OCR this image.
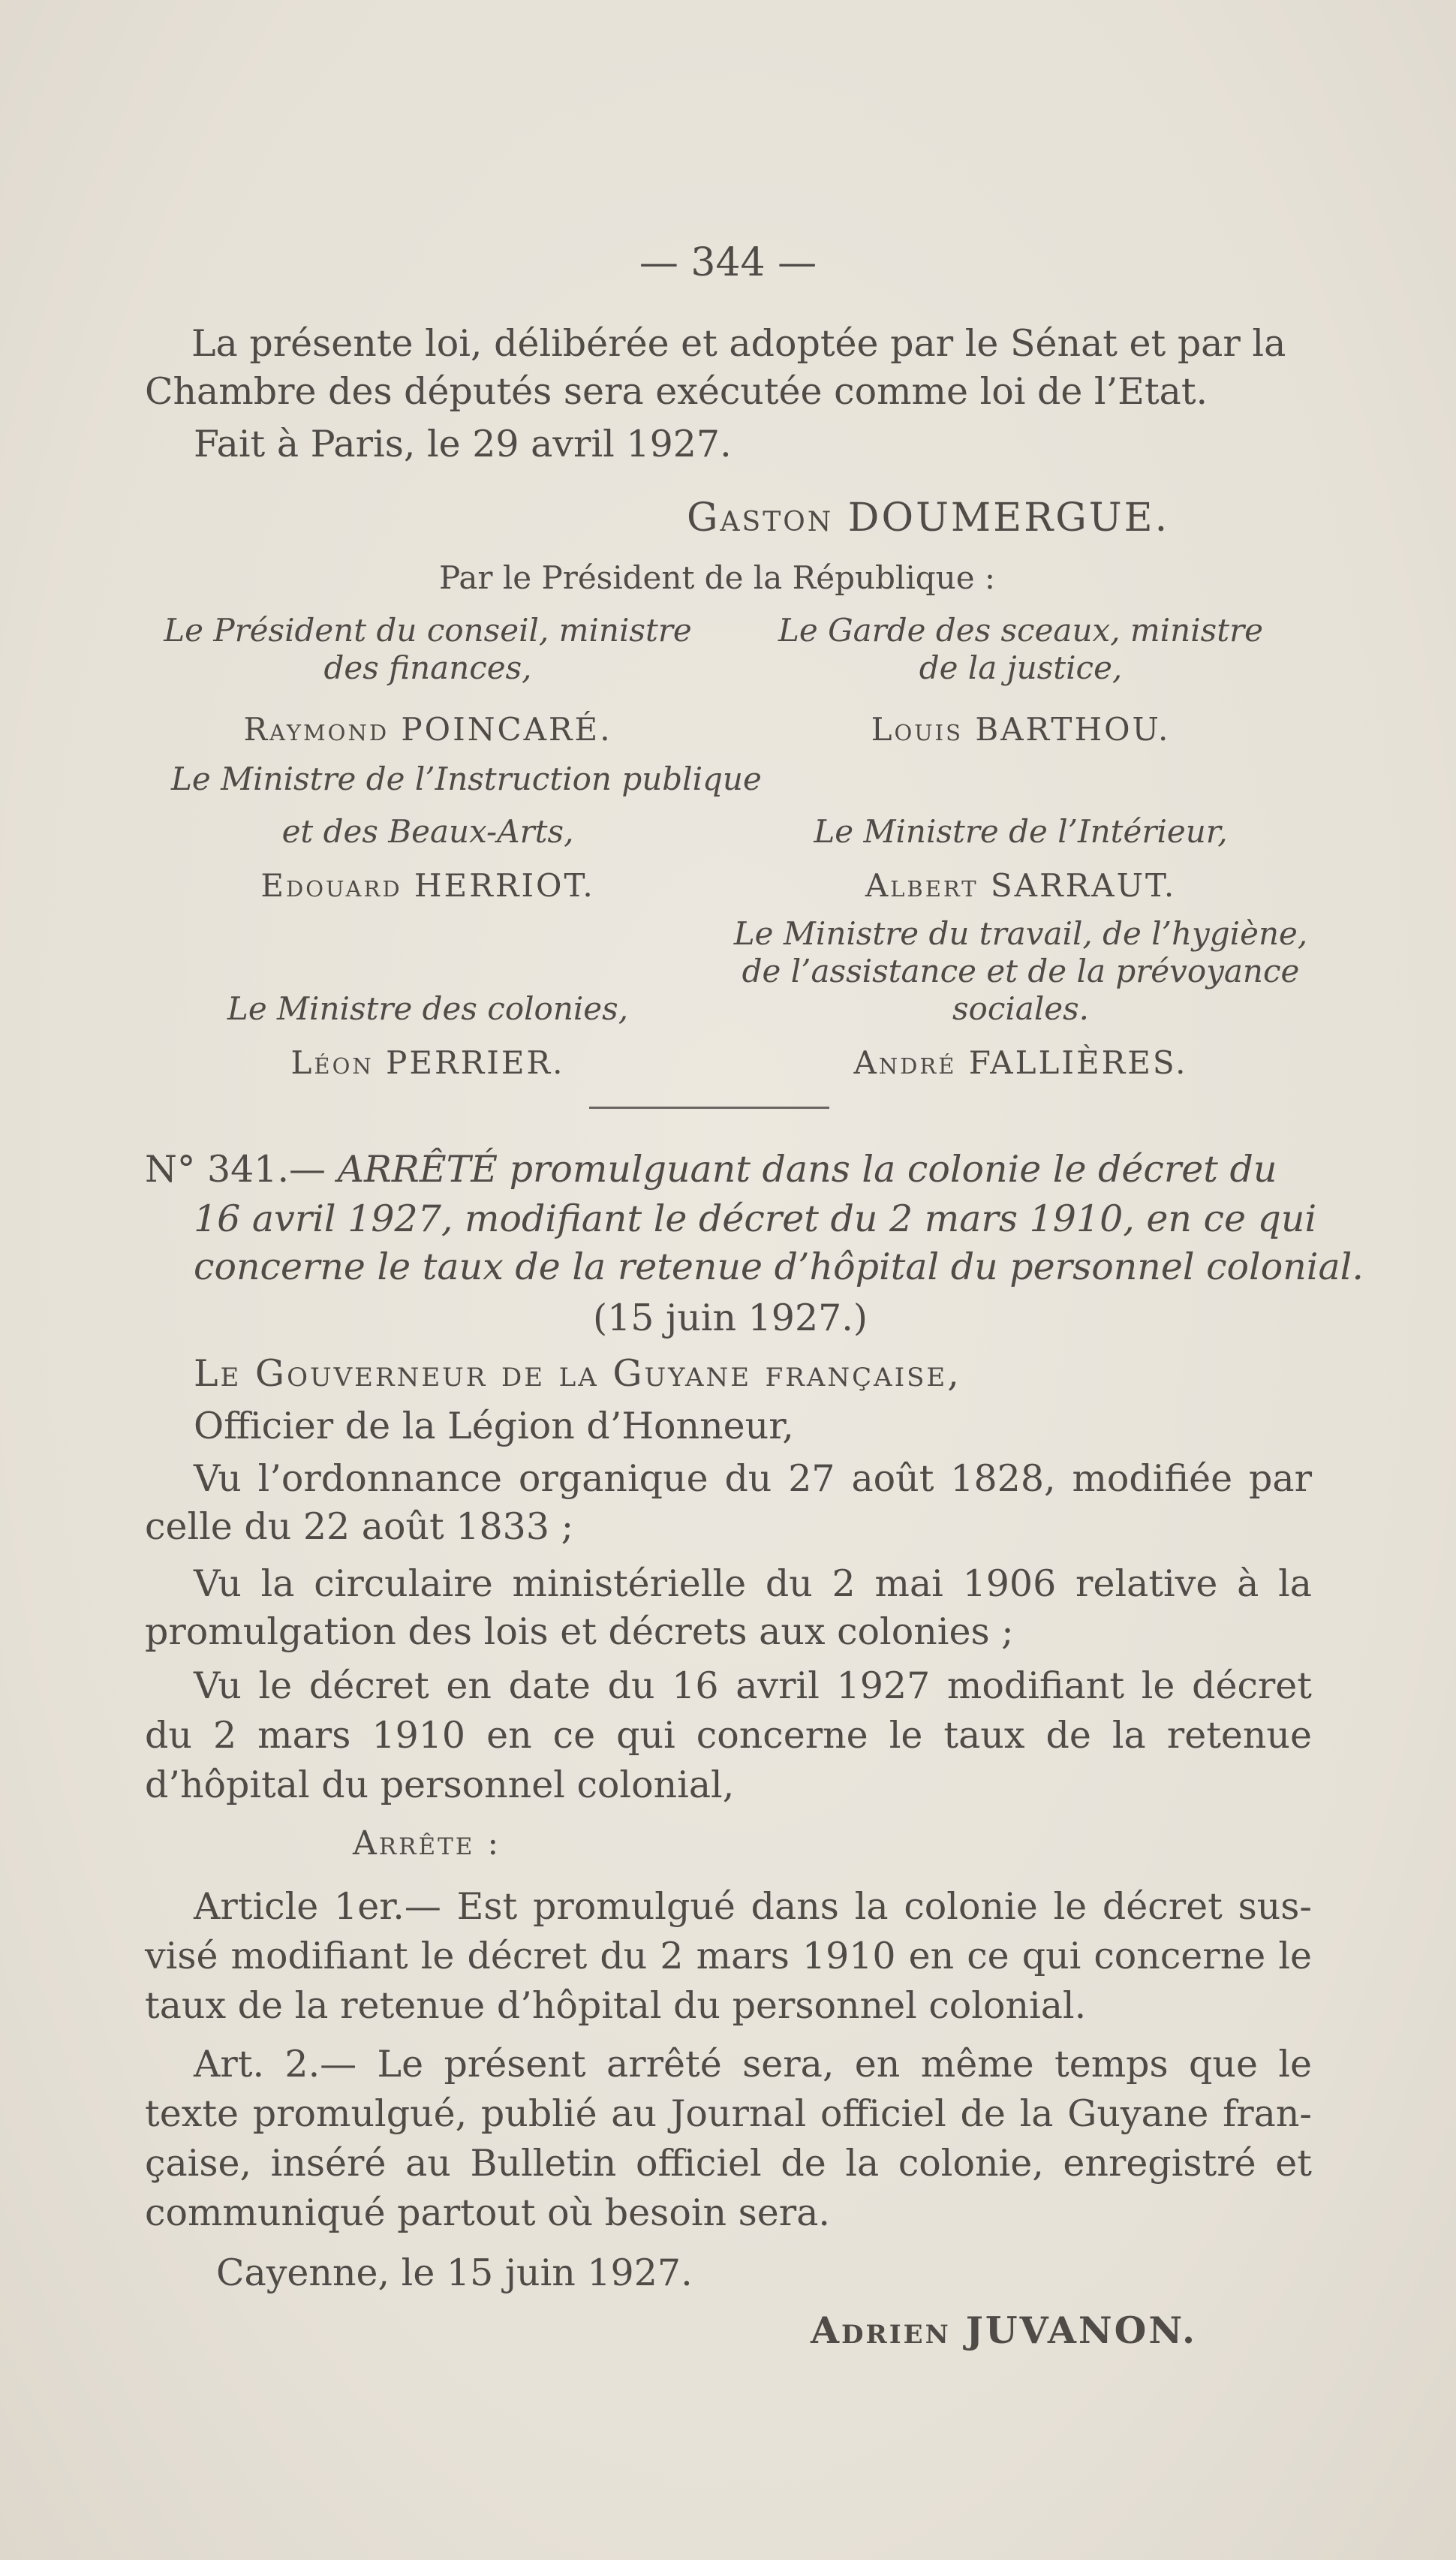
— 344 —
La présente loi, délibérée et adoptée par le Sénat et par la
Chambre des députés sera exécutée comme loi de l’Etat.
Fait à Paris, le 29 avril 1927.
Gaston DOUMERGUE.
Par le Président de la République :
Le Président du conseil, ministre
des finances,
Raymond POINCARÉ.
Le Garde des sceaux, ministre
de la justice,
Louis BARTHOU.
Le Ministre de l’Instruction publique
et des Beaux-Arts,
Edouard HERRIOT.
Le Ministre de l’Intérieur,
Albert SARRAUT.
Le Ministre du travail, de l’hygiène,
de l’assistance et de la prévoyance
sociales.
André FALLIÈRES.
Le Ministre des colonies,
Léon PERRIER.
N° 341.— ARRÊTÉ promulguant dans la colonie le décret du
16 avril 1927, modifiant le décret du 2 mars 1910, en ce qui
concerne le taux de la retenue d’hôpital du personnel colonial.
(15 juin 1927.)
Le Gouverneur de la Guyane française,
Officier de la Légion d’Honneur,
Vu l’ordonnance organique du 27 août 1828, modifiée par
celle du 22 août 1833 ;
Vu la circulaire ministérielle du 2 mai 1906 relative à la
promulgation des lois et décrets aux colonies ;
Vu le décret en date du 16 avril 1927 modifiant le décret
du 2 mars 1910 en ce qui concerne le taux de la retenue
d’hôpital du personnel colonial,
Arrête :
Article 1er.— Est promulgué dans la colonie le décret sus-
visé modifiant le décret du 2 mars 1910 en ce qui concerne le
taux de la retenue d’hôpital du personnel colonial.
Art. 2.— Le présent arrêté sera, en même temps que le
texte promulgué, publié au Journal officiel de la Guyane fran-
çaise, inséré au Bulletin officiel de la colonie, enregistré et
communiqué partout où besoin sera.
Cayenne, le 15 juin 1927.
Adrien JUVANON.
